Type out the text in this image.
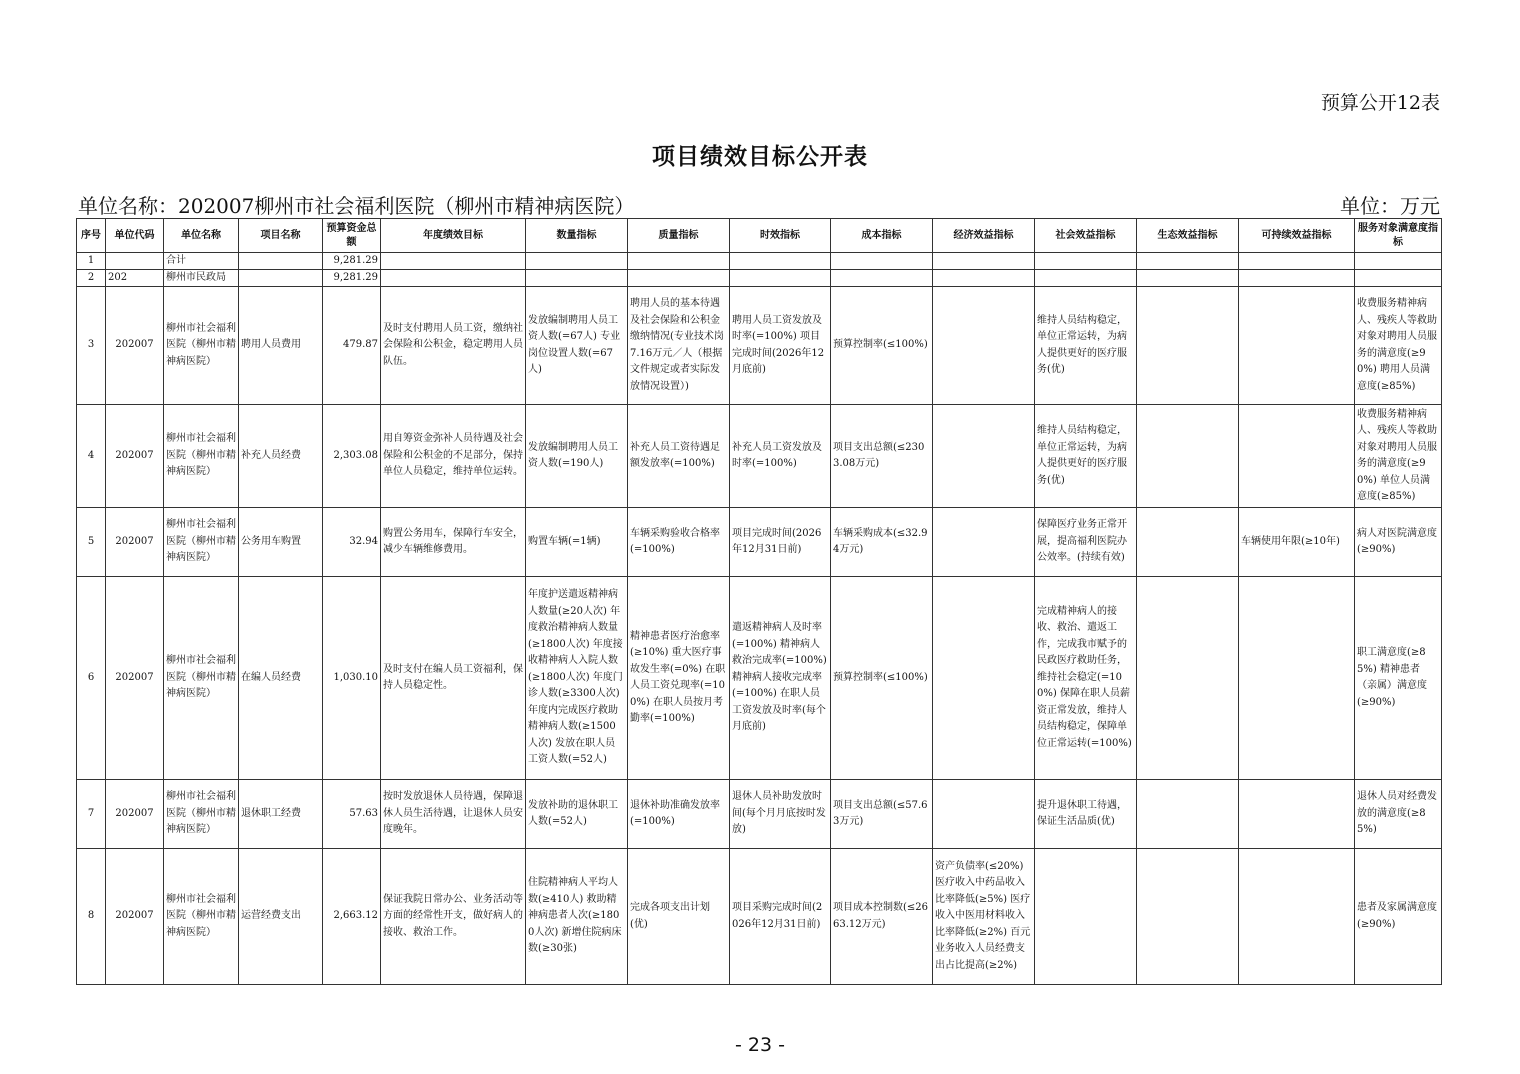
预算公开12表
项目绩效目标公开表
单位名称：202007柳州市社会福利医院（柳州市精神病医院）	单位：万元
序号	单位代码	单位名称	项目名称	预算资金总额	年度绩效目标	数量指标	质量指标	时效指标	成本指标	经济效益指标	社会效益指标	生态效益指标	可持续效益指标	服务对象满意度指标
1		合计		9,281.29										
2	202	柳州市民政局		9,281.29										
3	202007	柳州市社会福利医院（柳州市精神病医院）	聘用人员费用	479.87	及时支付聘用人员工资，缴纳社会保险和公积金，稳定聘用人员队伍。	发放编制聘用人员工资人数(=67人) 专业岗位设置人数(=67人)	聘用人员的基本待遇及社会保险和公积金缴纳情况(专业技术岗7.16万元／人（根据文件规定或者实际发放情况设置）)	聘用人员工资发放及时率(=100%) 项目完成时间(2026年12月底前)	预算控制率(≤100%)		维持人员结构稳定，单位正常运转，为病人提供更好的医疗服务(优)			收费服务精神病人、残疾人等救助对象对聘用人员服务的满意度(≥90%) 聘用人员满意度(≥85%)
4	202007	柳州市社会福利医院（柳州市精神病医院）	补充人员经费	2,303.08	用自筹资金弥补人员待遇及社会保险和公积金的不足部分，保持单位人员稳定，维持单位运转。	发放编制聘用人员工资人数(=190人)	补充人员工资待遇足额发放率(=100%)	补充人员工资发放及时率(=100%)	项目支出总额(≤2303.08万元)		维持人员结构稳定，单位正常运转，为病人提供更好的医疗服务(优)			收费服务精神病人、残疾人等救助对象对聘用人员服务的满意度(≥90%) 单位人员满意度(≥85%)
5	202007	柳州市社会福利医院（柳州市精神病医院）	公务用车购置	32.94	购置公务用车，保障行车安全，减少车辆维修费用。	购置车辆(=1辆)	车辆采购验收合格率(=100%)	项目完成时间(2026年12月31日前)	车辆采购成本(≤32.94万元)		保障医疗业务正常开展，提高福利医院办公效率。(持续有效)		车辆使用年限(≥10年)	病人对医院满意度(≥90%)
6	202007	柳州市社会福利医院（柳州市精神病医院）	在编人员经费	1,030.10	及时支付在编人员工资福利，保持人员稳定性。	年度护送遣返精神病人数量(≥20人次) 年度救治精神病人数量(≥1800人次) 年度接收精神病人入院人数(≥1800人次) 年度门诊人数(≥3300人次) 年度内完成医疗救助精神病人数(≥1500人次) 发放在职人员工资人数(=52人)	精神患者医疗治愈率(≥10%) 重大医疗事故发生率(=0%) 在职人员工资兑现率(=100%) 在职人员按月考勤率(=100%)	遣返精神病人及时率(=100%) 精神病人救治完成率(=100%) 精神病人接收完成率(=100%) 在职人员工资发放及时率(每个月底前)	预算控制率(≤100%)		完成精神病人的接收、救治、遣返工作，完成我市赋予的民政医疗救助任务，维持社会稳定(=100%) 保障在职人员薪资正常发放，维持人员结构稳定，保障单位正常运转(=100%)			职工满意度(≥85%) 精神患者（亲属）满意度(≥90%)
7	202007	柳州市社会福利医院（柳州市精神病医院）	退休职工经费	57.63	按时发放退休人员待遇，保障退休人员生活待遇，让退休人员安度晚年。	发放补助的退休职工人数(=52人)	退休补助准确发放率(=100%)	退休人员补助发放时间(每个月月底按时发放)	项目支出总额(≤57.63万元)		提升退休职工待遇，保证生活品质(优)			退休人员对经费发放的满意度(≥85%)
8	202007	柳州市社会福利医院（柳州市精神病医院）	运营经费支出	2,663.12	保证我院日常办公、业务活动等方面的经常性开支，做好病人的接收、救治工作。	住院精神病人平均人数(≥410人) 救助精神病患者人次(≥1800人次) 新增住院病床数(≥30张)	完成各项支出计划(优)	项目采购完成时间(2026年12月31日前)	项目成本控制数(≤2663.12万元)	资产负债率(≤20%) 医疗收入中药品收入比率降低(≥5%) 医疗收入中医用材料收入比率降低(≥2%) 百元业务收入人员经费支出占比提高(≥2%)				患者及家属满意度(≥90%)
- 23 -
